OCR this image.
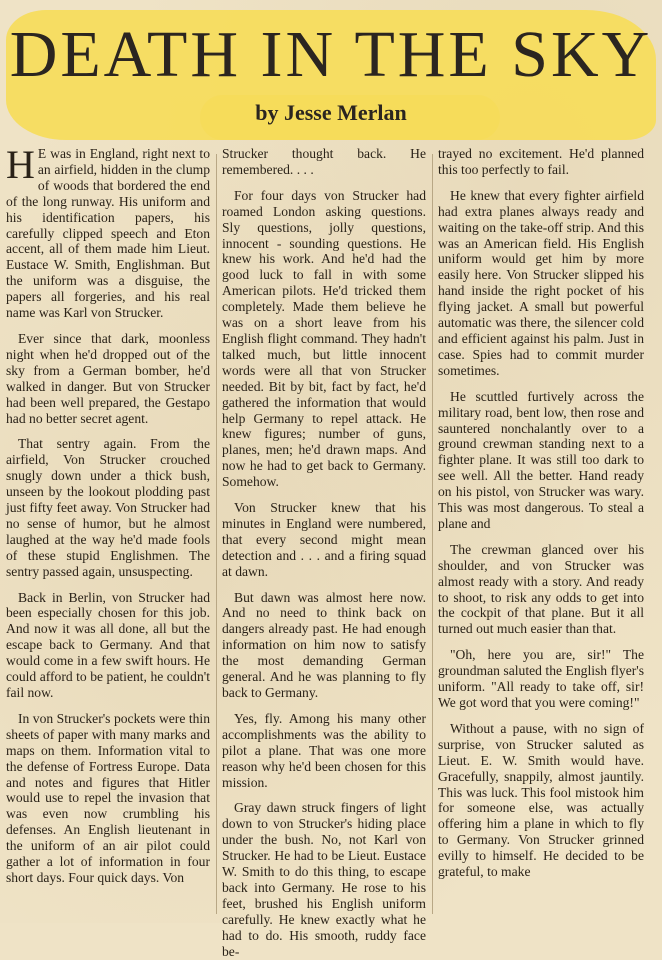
DEATH IN THE SKY
by Jesse Merlan

H E was in England, right next to an airfield, hidden in the clump of woods that bordered the end of the long runway. His uniform and his identification papers, his carefully clipped speech and Eton accent, all of them made him Lieut. Eustace W. Smith, Englishman. But the uniform was a disguise, the papers all forgeries, and his real name was Karl von Strucker.

Ever since that dark, moonless night when he'd dropped out of the sky from a German bomber, he'd walked in danger. But von Strucker had been well prepared, the Gestapo had no better secret agent.

That sentry again. From the airfield, Von Strucker crouched snugly down under a thick bush, unseen by the lookout plodding past just fifty feet away. Von Strucker had no sense of humor, but he almost laughed at the way he'd made fools of these stupid Englishmen. The sentry passed again, unsuspecting.

Back in Berlin, von Strucker had been especially chosen for this job. And now it was all done, all but the escape back to Germany. And that would come in a few swift hours. He could afford to be patient, he couldn't fail now.

In von Strucker's pockets were thin sheets of paper with many marks and maps on them. Information vital to the defense of Fortress Europe. Data and notes and figures that Hitler would use to repel the invasion that was even now crumbling his defenses. An English lieutenant in the uniform of an air pilot could gather a lot of information in four short days. Four quick days. Von

Strucker thought back. He remembered. . . .

For four days von Strucker had roamed London asking questions. Sly questions, jolly questions, innocent - sounding questions. He knew his work. And he'd had the good luck to fall in with some American pilots. He'd tricked them completely. Made them believe he was on a short leave from his English flight command. They hadn't talked much, but little innocent words were all that von Strucker needed. Bit by bit, fact by fact, he'd gathered the information that would help Germany to repel attack. He knew figures; number of guns, planes, men; he'd drawn maps. And now he had to get back to Germany. Somehow.

Von Strucker knew that his minutes in England were numbered, that every second might mean detection and . . . and a firing squad at dawn.

But dawn was almost here now. And no need to think back on dangers already past. He had enough information on him now to satisfy the most demanding German general. And he was planning to fly back to Germany.

Yes, fly. Among his many other accomplishments was the ability to pilot a plane. That was one more reason why he'd been chosen for this mission.

Gray dawn struck fingers of light down to von Strucker's hiding place under the bush. No, not Karl von Strucker. He had to be Lieut. Eustace W. Smith to do this thing, to escape back into Germany. He rose to his feet, brushed his English uniform carefully. He knew exactly what he had to do. His smooth, ruddy face be-

trayed no excitement. He'd planned this too perfectly to fail.

He knew that every fighter airfield had extra planes always ready and waiting on the take-off strip. And this was an American field. His English uniform would get him by more easily here. Von Strucker slipped his hand inside the right pocket of his flying jacket. A small but powerful automatic was there, the silencer cold and efficient against his palm. Just in case. Spies had to commit murder sometimes.

He scuttled furtively across the military road, bent low, then rose and sauntered nonchalantly over to a ground crewman standing next to a fighter plane. It was still too dark to see well. All the better. Hand ready on his pistol, von Strucker was wary. This was most dangerous. To steal a plane and

The crewman glanced over his shoulder, and von Strucker was almost ready with a story. And ready to shoot, to risk any odds to get into the cockpit of that plane. But it all turned out much easier than that.

"Oh, here you are, sir!" The groundman saluted the English flyer's uniform. "All ready to take off, sir! We got word that you were coming!"

Without a pause, with no sign of surprise, von Strucker saluted as Lieut. E. W. Smith would have. Gracefully, snappily, almost jauntily. This was luck. This fool mistook him for someone else, was actually offering him a plane in which to fly to Germany. Von Strucker grinned evilly to himself. He decided to be grateful, to make
